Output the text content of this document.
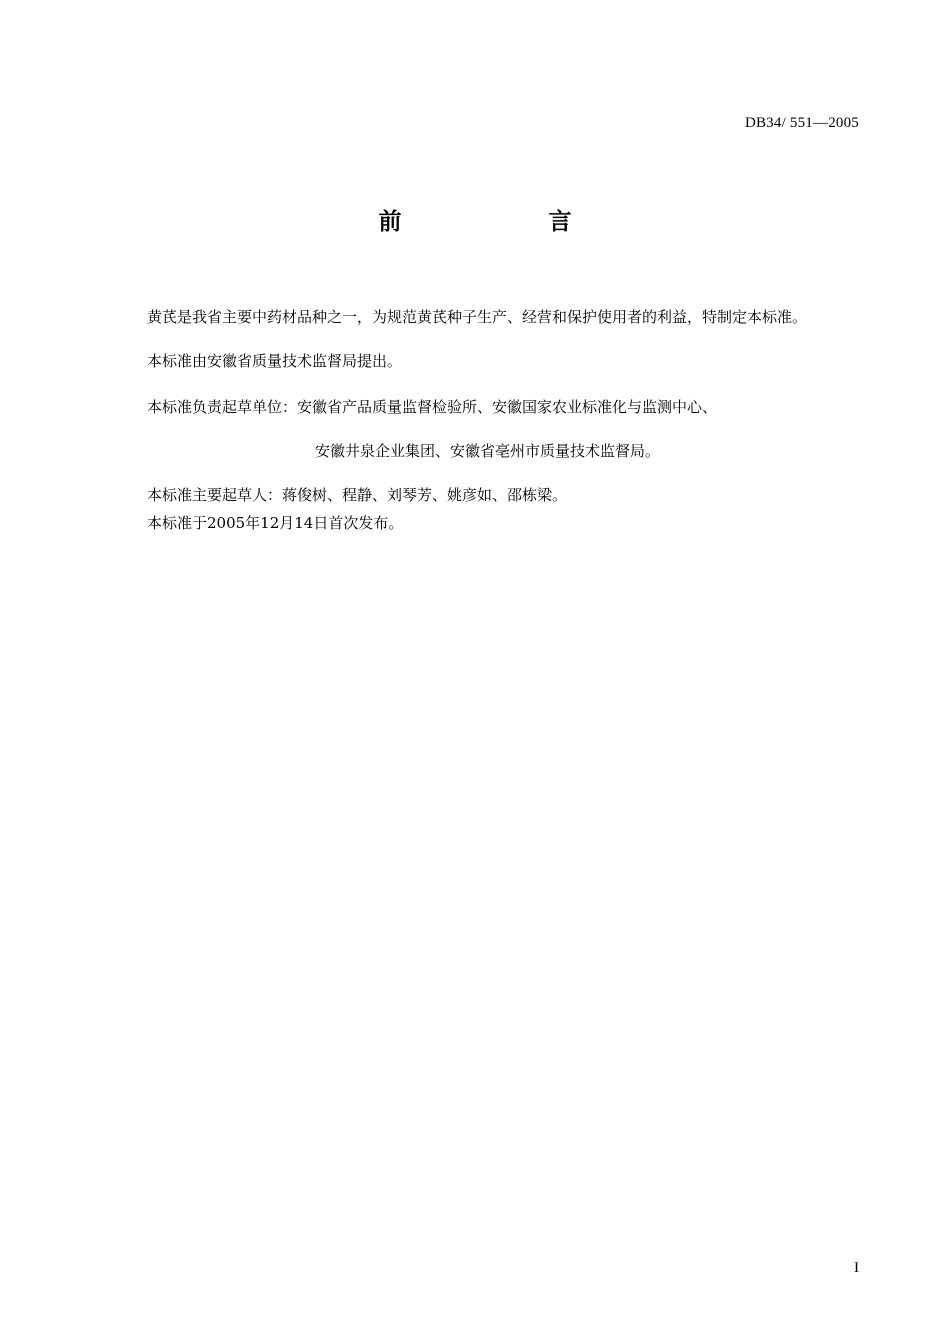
DB34/ 551—2005
前　言
黄芪是我省主要中药材品种之一，为规范黄芪种子生产、经营和保护使用者的利益，特制定本标准。
本标准由安徽省质量技术监督局提出。
本标准负责起草单位：安徽省产品质量监督检验所、安徽国家农业标准化与监测中心、
安徽井泉企业集团、安徽省亳州市质量技术监督局。
本标准主要起草人：蒋俊树、程静、刘琴芳、姚彦如、邵栋梁。
本标准于2005年12月14日首次发布。
I
